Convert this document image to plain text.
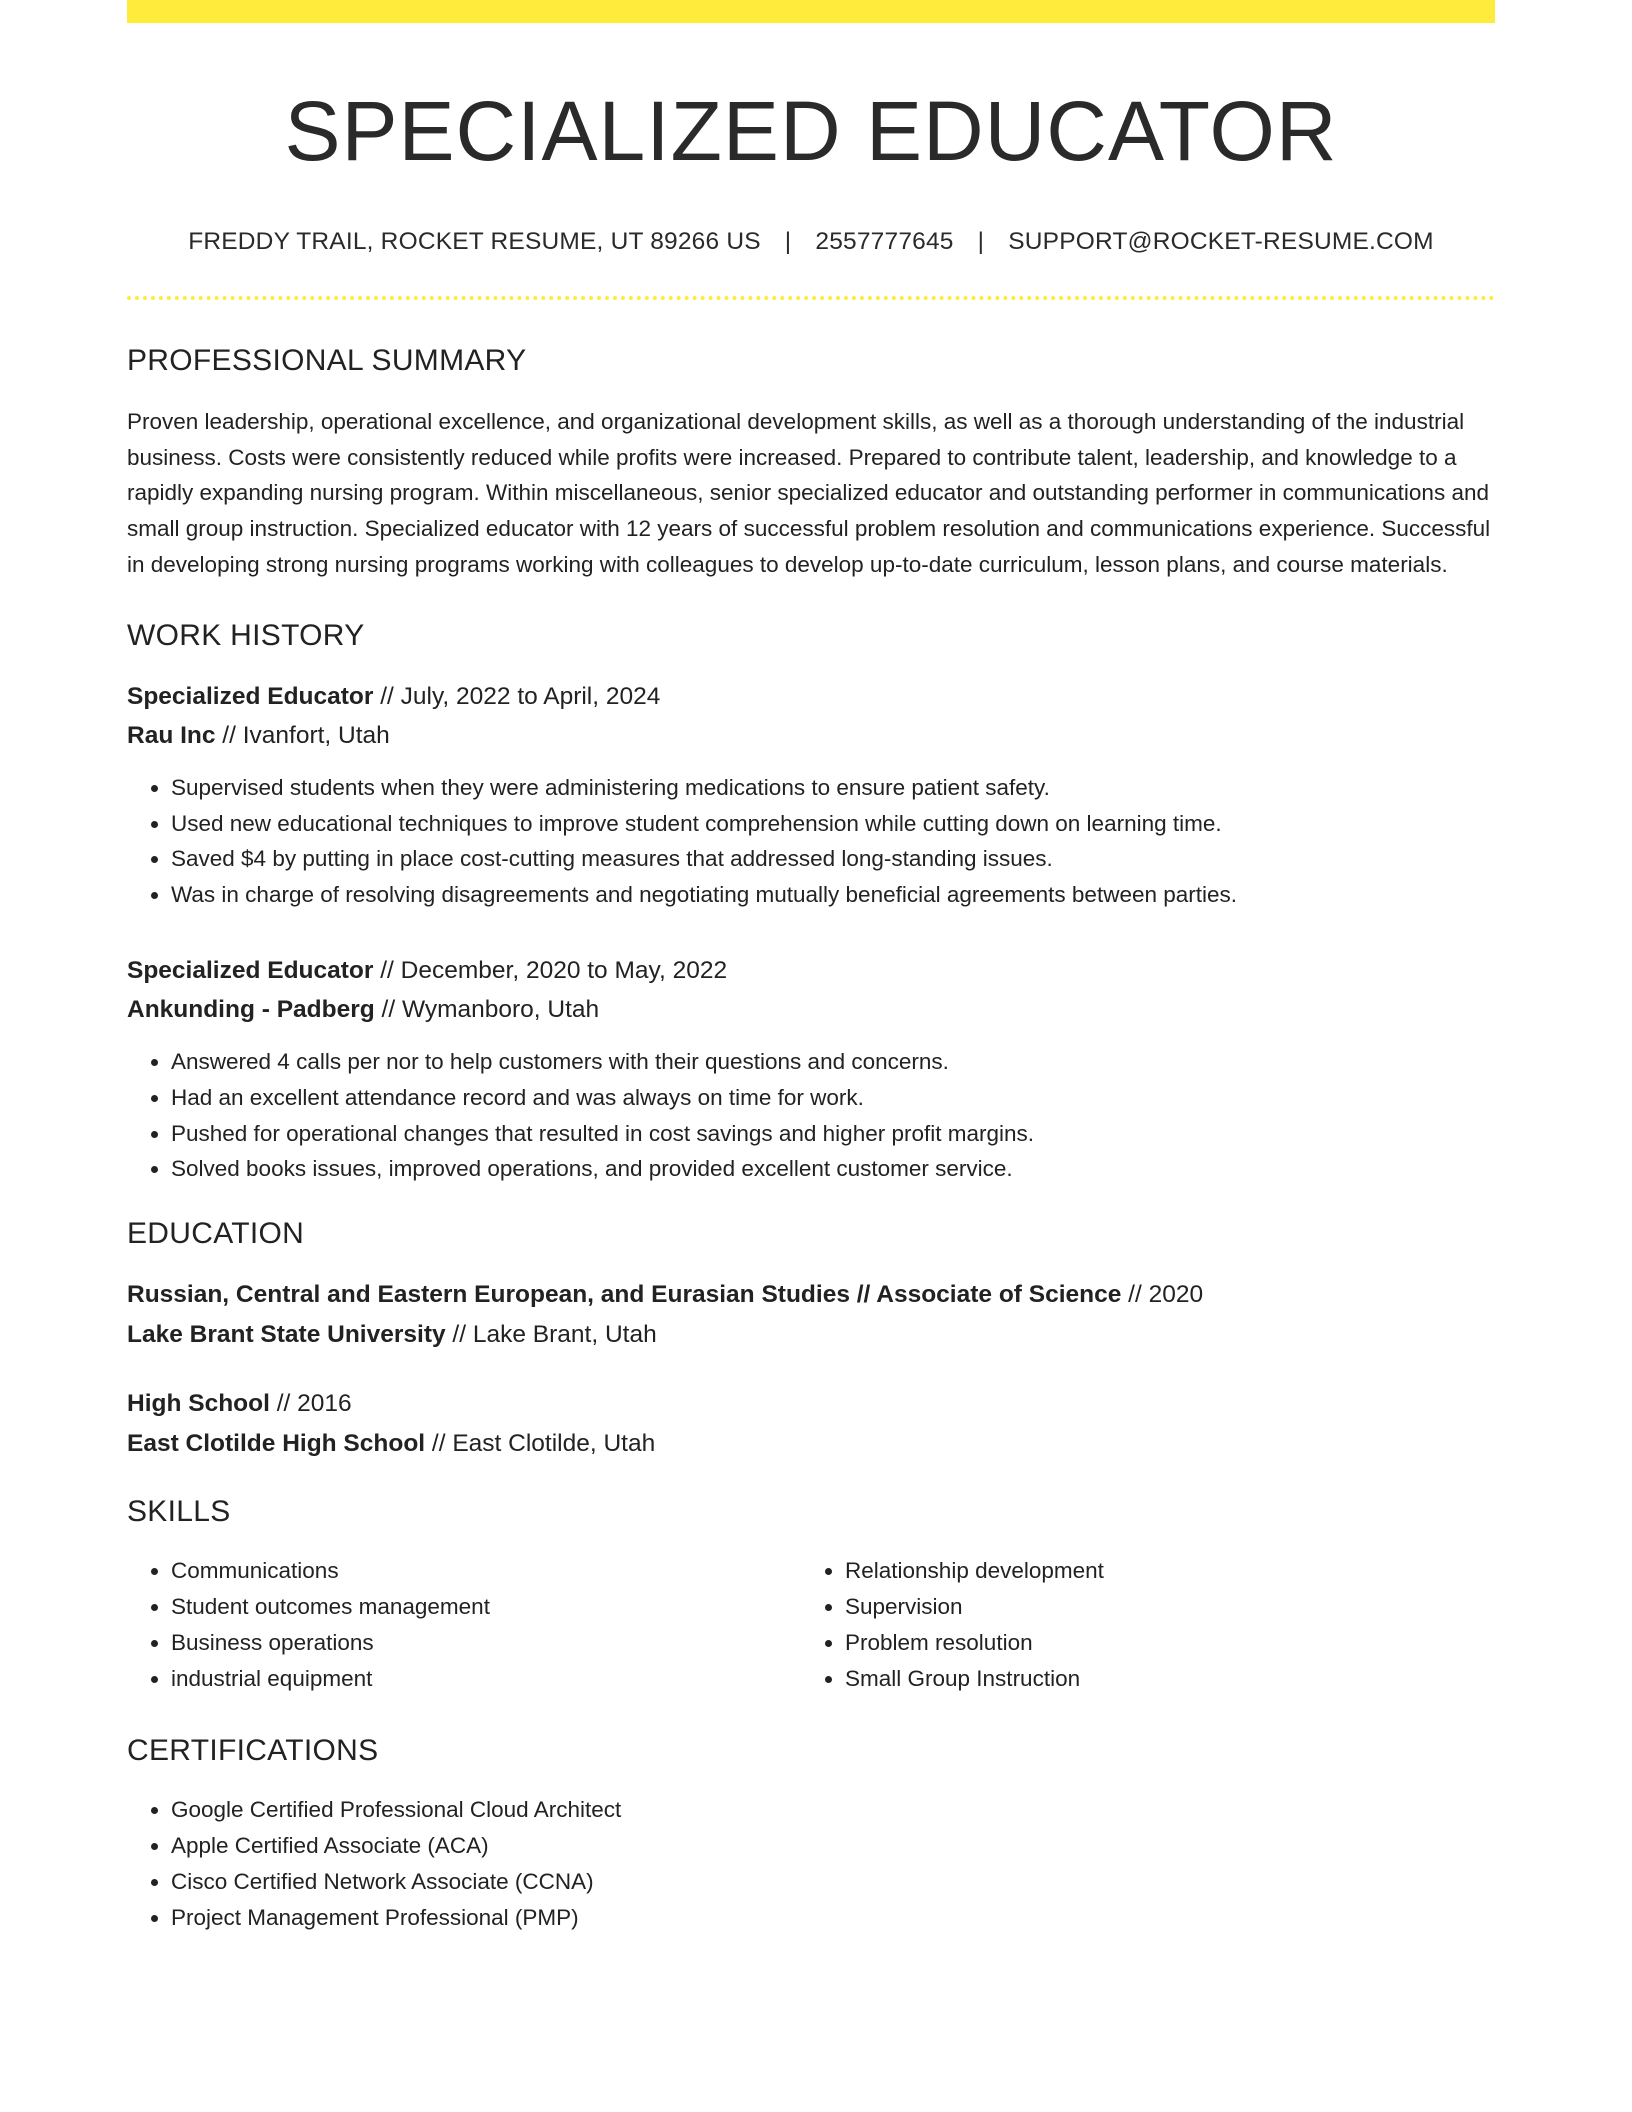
SPECIALIZED EDUCATOR
FREDDY TRAIL, ROCKET RESUME, UT 89266 US | 2557777645 | SUPPORT@ROCKET-RESUME.COM
PROFESSIONAL SUMMARY

Proven leadership, operational excellence, and organizational development skills, as well as a thorough understanding of the industrial business. Costs were consistently reduced while profits were increased. Prepared to contribute talent, leadership, and knowledge to a rapidly expanding nursing program. Within miscellaneous, senior specialized educator and outstanding performer in communications and small group instruction. Specialized educator with 12 years of successful problem resolution and communications experience. Successful in developing strong nursing programs working with colleagues to develop up-to-date curriculum, lesson plans, and course materials.

WORK HISTORY
Specialized Educator // July, 2022 to April, 2024
Rau Inc // Ivanfort, Utah
• Supervised students when they were administering medications to ensure patient safety.
• Used new educational techniques to improve student comprehension while cutting down on learning time.
• Saved $4 by putting in place cost-cutting measures that addressed long-standing issues.
• Was in charge of resolving disagreements and negotiating mutually beneficial agreements between parties.
Specialized Educator // December, 2020 to May, 2022
Ankunding - Padberg // Wymanboro, Utah
• Answered 4 calls per nor to help customers with their questions and concerns.
• Had an excellent attendance record and was always on time for work.
• Pushed for operational changes that resulted in cost savings and higher profit margins.
• Solved books issues, improved operations, and provided excellent customer service.
EDUCATION
Russian, Central and Eastern European, and Eurasian Studies // Associate of Science // 2020
Lake Brant State University // Lake Brant, Utah
High School // 2016
East Clotilde High School // East Clotilde, Utah
SKILLS
• Communications
• Student outcomes management
• Business operations
• industrial equipment
• Relationship development
• Supervision
• Problem resolution
• Small Group Instruction
CERTIFICATIONS
• Google Certified Professional Cloud Architect
• Apple Certified Associate (ACA)
• Cisco Certified Network Associate (CCNA)
• Project Management Professional (PMP)
